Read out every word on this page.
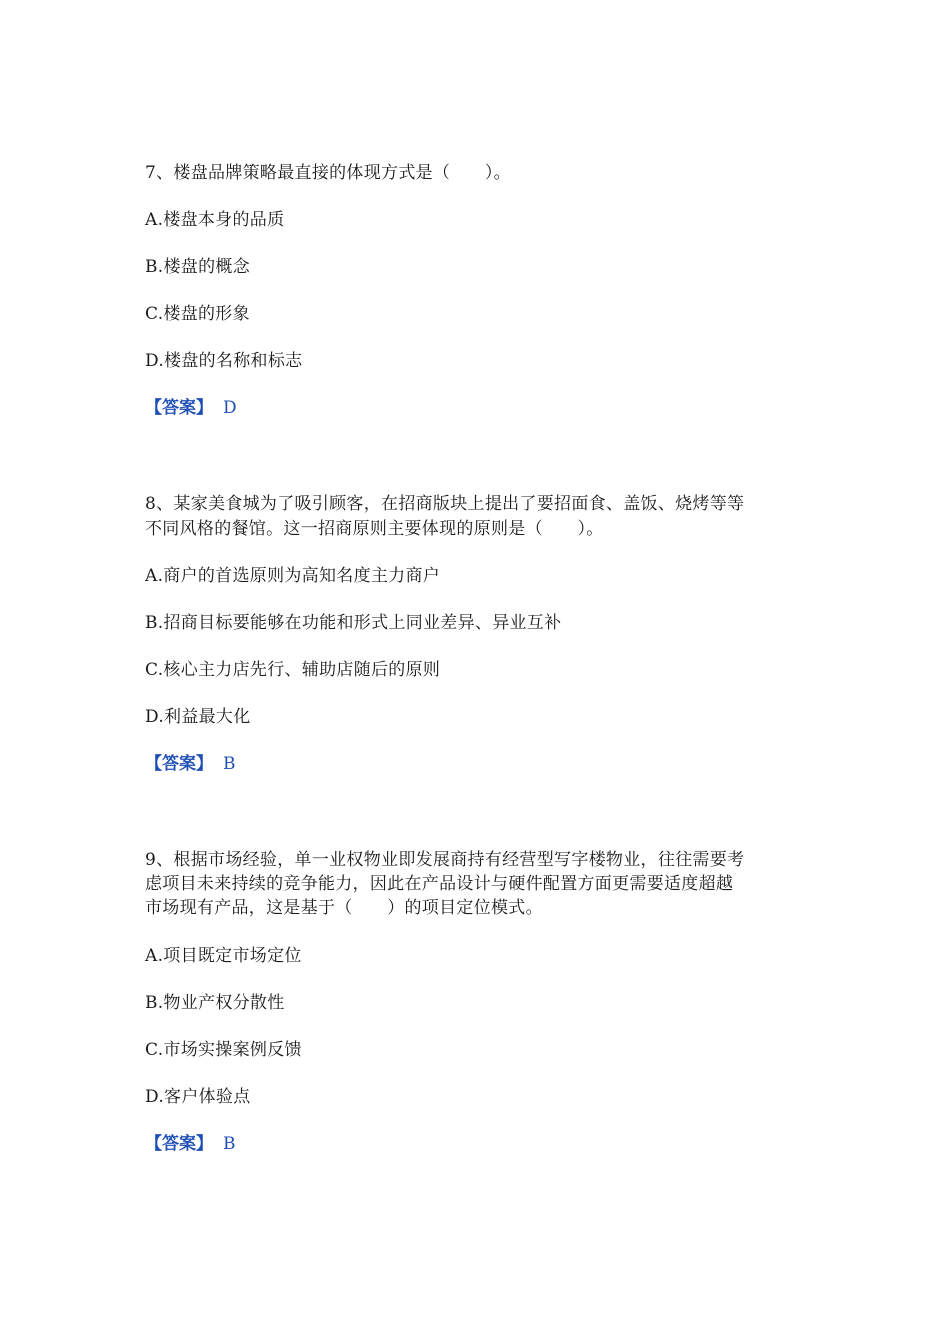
7、楼盘品牌策略最直接的体现方式是（　　）。
A.楼盘本身的品质
B.楼盘的概念
C.楼盘的形象
D.楼盘的名称和标志
【答案】 D
8、某家美食城为了吸引顾客，在招商版块上提出了要招面食、盖饭、烧烤等等
不同风格的餐馆。这一招商原则主要体现的原则是（　　）。
A.商户的首选原则为高知名度主力商户
B.招商目标要能够在功能和形式上同业差异、异业互补
C.核心主力店先行、辅助店随后的原则
D.利益最大化
【答案】 B
9、根据市场经验，单一业权物业即发展商持有经营型写字楼物业，往往需要考
虑项目未来持续的竞争能力，因此在产品设计与硬件配置方面更需要适度超越
市场现有产品，这是基于（　　）的项目定位模式。
A.项目既定市场定位
B.物业产权分散性
C.市场实操案例反馈
D.客户体验点
【答案】 B
